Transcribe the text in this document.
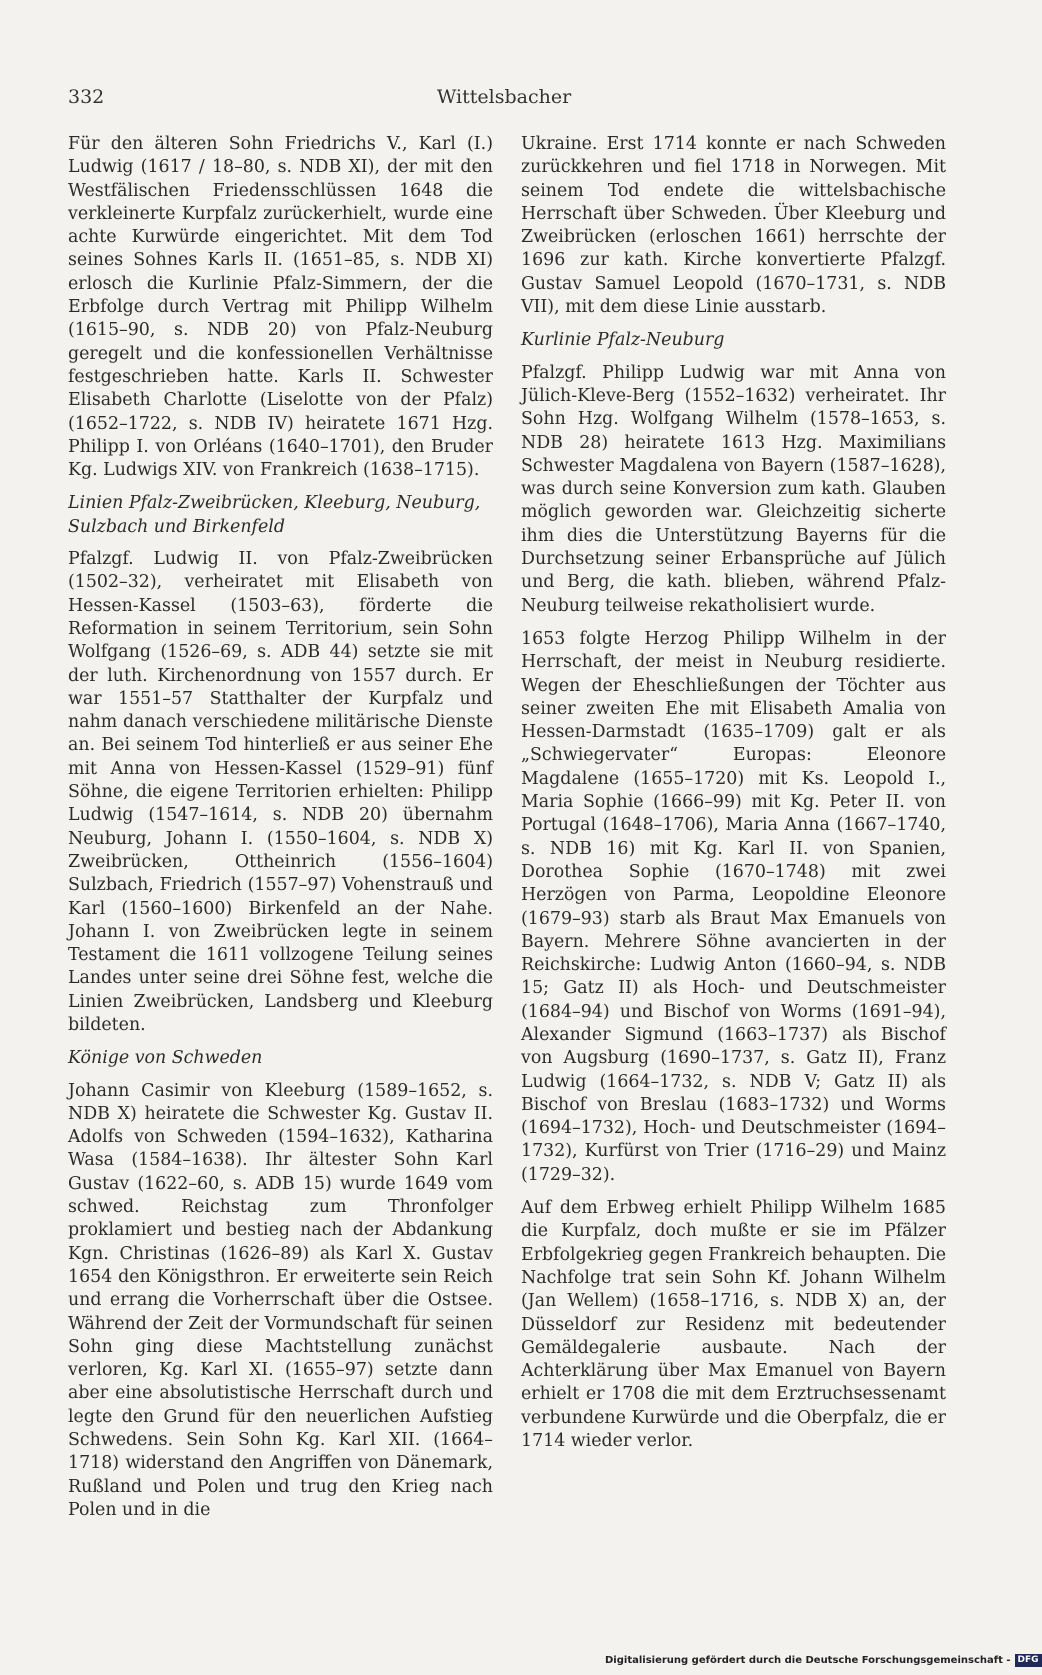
332	Wittelsbacher

Für den älteren Sohn Friedrichs V., Karl (I.) Ludwig (1617 / 18–80, s. NDB XI), der mit den Westfälischen Friedensschlüssen 1648 die verkleinerte Kurpfalz zurückerhielt, wurde eine achte Kurwürde eingerichtet. Mit dem Tod seines Sohnes Karls II. (1651–85, s. NDB XI) erlosch die Kurlinie Pfalz-Simmern, der die Erbfolge durch Vertrag mit Philipp Wilhelm (1615–90, s. NDB 20) von Pfalz-Neuburg geregelt und die konfessionellen Verhältnisse festgeschrieben hatte. Karls II. Schwester Elisabeth Charlotte (Liselotte von der Pfalz) (1652–1722, s. NDB IV) heiratete 1671 Hzg. Philipp I. von Orléans (1640–1701), den Bruder Kg. Ludwigs XIV. von Frankreich (1638–1715).

Linien Pfalz-Zweibrücken, Kleeburg, Neuburg, Sulzbach und Birkenfeld

Pfalzgf. Ludwig II. von Pfalz-Zweibrücken (1502–32), verheiratet mit Elisabeth von Hessen-Kassel (1503–63), förderte die Reformation in seinem Territorium, sein Sohn Wolfgang (1526–69, s. ADB 44) setzte sie mit der luth. Kirchenordnung von 1557 durch. Er war 1551–57 Statthalter der Kurpfalz und nahm danach verschiedene militärische Dienste an. Bei seinem Tod hinterließ er aus seiner Ehe mit Anna von Hessen-Kassel (1529–91) fünf Söhne, die eigene Territorien erhielten: Philipp Ludwig (1547–1614, s. NDB 20) übernahm Neuburg, Johann I. (1550–1604, s. NDB X) Zweibrücken, Ottheinrich (1556–1604) Sulzbach, Friedrich (1557–97) Vohenstrauß und Karl (1560–1600) Birkenfeld an der Nahe. Johann I. von Zweibrücken legte in seinem Testament die 1611 vollzogene Teilung seines Landes unter seine drei Söhne fest, welche die Linien Zweibrücken, Landsberg und Kleeburg bildeten.

Könige von Schweden

Johann Casimir von Kleeburg (1589–1652, s. NDB X) heiratete die Schwester Kg. Gustav II. Adolfs von Schweden (1594–1632), Katharina Wasa (1584–1638). Ihr ältester Sohn Karl Gustav (1622–60, s. ADB 15) wurde 1649 vom schwed. Reichstag zum Thronfolger proklamiert und bestieg nach der Abdankung Kgn. Christinas (1626–89) als Karl X. Gustav 1654 den Königsthron. Er erweiterte sein Reich und errang die Vorherrschaft über die Ostsee. Während der Zeit der Vormundschaft für seinen Sohn ging diese Machtstellung zunächst verloren, Kg. Karl XI. (1655–97) setzte dann aber eine absolutistische Herrschaft durch und legte den Grund für den neuerlichen Aufstieg Schwedens. Sein Sohn Kg. Karl XII. (1664–1718) widerstand den Angriffen von Dänemark, Rußland und Polen und trug den Krieg nach Polen und in die

Ukraine. Erst 1714 konnte er nach Schweden zurückkehren und fiel 1718 in Norwegen. Mit seinem Tod endete die wittelsbachische Herrschaft über Schweden. Über Kleeburg und Zweibrücken (erloschen 1661) herrschte der 1696 zur kath. Kirche konvertierte Pfalzgf. Gustav Samuel Leopold (1670–1731, s. NDB VII), mit dem diese Linie ausstarb.

Kurlinie Pfalz-Neuburg

Pfalzgf. Philipp Ludwig war mit Anna von Jülich-Kleve-Berg (1552–1632) verheiratet. Ihr Sohn Hzg. Wolfgang Wilhelm (1578–1653, s. NDB 28) heiratete 1613 Hzg. Maximilians Schwester Magdalena von Bayern (1587–1628), was durch seine Konversion zum kath. Glauben möglich geworden war. Gleichzeitig sicherte ihm dies die Unterstützung Bayerns für die Durchsetzung seiner Erbansprüche auf Jülich und Berg, die kath. blieben, während Pfalz-Neuburg teilweise rekatholisiert wurde.

1653 folgte Herzog Philipp Wilhelm in der Herrschaft, der meist in Neuburg residierte. Wegen der Eheschließungen der Töchter aus seiner zweiten Ehe mit Elisabeth Amalia von Hessen-Darmstadt (1635–1709) galt er als „Schwiegervater“ Europas: Eleonore Magdalene (1655–1720) mit Ks. Leopold I., Maria Sophie (1666–99) mit Kg. Peter II. von Portugal (1648–1706), Maria Anna (1667–1740, s. NDB 16) mit Kg. Karl II. von Spanien, Dorothea Sophie (1670–1748) mit zwei Herzögen von Parma, Leopoldine Eleonore (1679–93) starb als Braut Max Emanuels von Bayern. Mehrere Söhne avancierten in der Reichskirche: Ludwig Anton (1660–94, s. NDB 15; Gatz II) als Hoch- und Deutschmeister (1684–94) und Bischof von Worms (1691–94), Alexander Sigmund (1663–1737) als Bischof von Augsburg (1690–1737, s. Gatz II), Franz Ludwig (1664–1732, s. NDB V; Gatz II) als Bischof von Breslau (1683–1732) und Worms (1694–1732), Hoch- und Deutschmeister (1694–1732), Kurfürst von Trier (1716–29) und Mainz (1729–32).

Auf dem Erbweg erhielt Philipp Wilhelm 1685 die Kurpfalz, doch mußte er sie im Pfälzer Erbfolgekrieg gegen Frankreich behaupten. Die Nachfolge trat sein Sohn Kf. Johann Wilhelm (Jan Wellem) (1658–1716, s. NDB X) an, der Düsseldorf zur Residenz mit bedeutender Gemäldegalerie ausbaute. Nach der Achterklärung über Max Emanuel von Bayern erhielt er 1708 die mit dem Erztruchsessenamt verbundene Kurwürde und die Oberpfalz, die er 1714 wieder verlor.

Digitalisierung gefördert durch die Deutsche Forschungsgemeinschaft - DFG
